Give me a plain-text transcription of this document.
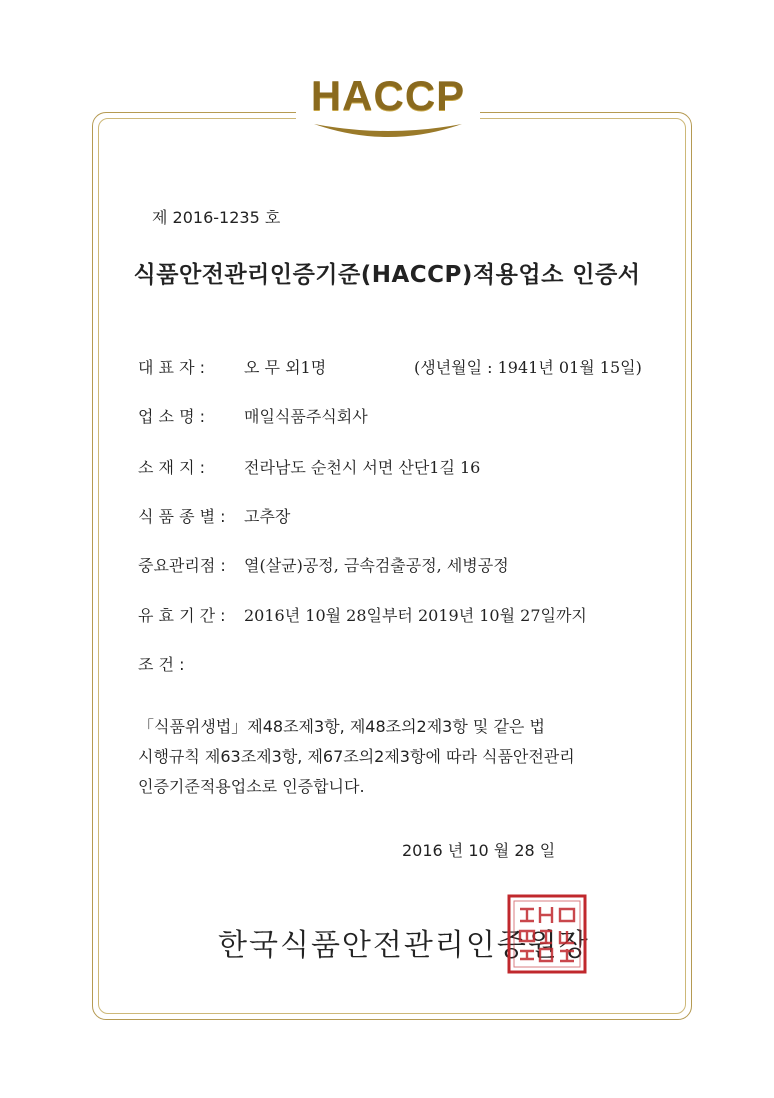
HACCP
제 2016-1235 호
식품안전관리인증기준(HACCP)적용업소 인증서
대 표 자 : 오 무 외1명	(생년월일 : 1941년 01월 15일)
업 소 명 : 매일식품주식회사
소 재 지 : 전라남도 순천시 서면 산단1길 16
식 품 종 별 : 고추장
중요관리점 : 열(살균)공정, 금속검출공정, 세병공정
유 효 기 간 : 2016년 10월 28일부터 2019년 10월 27일까지
조 건 :
「식품위생법」제48조제3항, 제48조의2제3항 및 같은 법
시행규칙 제63조제3항, 제67조의2제3항에 따라 식품안전관리
인증기준적용업소로 인증합니다.
2016 년 10 월 28 일
한국식품안전관리인증원장
